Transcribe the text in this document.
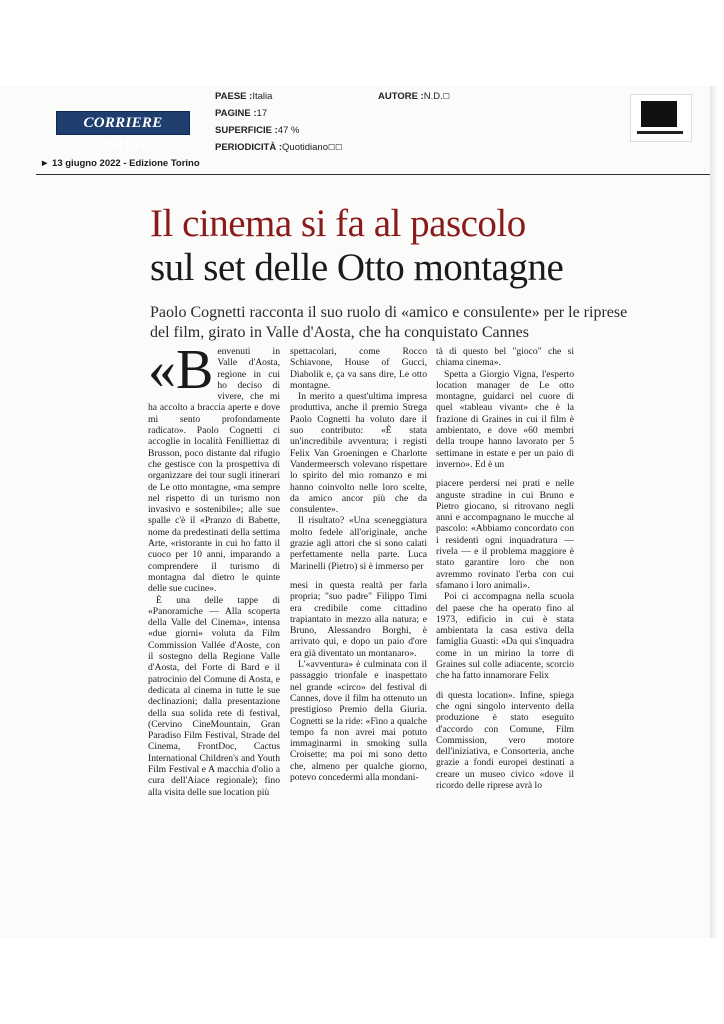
CORRIERE TORINO
PAESE :Italia
PAGINE :17
SUPERFICIE :47 %
PERIODICITÀ :Quotidiano☐☐
AUTORE :N.D.☐
► 13 giugno 2022 - Edizione Torino
Il cinema si fa al pascolo
sul set delle Otto montagne
Paolo Cognetti racconta il suo ruolo di «amico e consulente» per le riprese del film, girato in Valle d'Aosta, che ha conquistato Cannes
«B envenuti in Valle d'Aosta, regione in cui ho deciso di vivere, che mi ha accolto a braccia aperte e dove mi sento profondamente radicato». Paolo Cognetti ci accoglie in località Fenilliettaz di Brusson, poco distante dal rifugio che gestisce con la prospettiva di organizzare dei tour sugli itinerari de Le otto montagne, «ma sempre nel rispetto di un turismo non invasivo e sostenibile»; alle sue spalle c'è il «Pranzo di Babette, nome da predestinati della settima Arte, «ristorante in cui ho fatto il cuoco per 10 anni, imparando a comprendere il turismo di montagna dal dietro le quinte delle sue cucine».

È una delle tappe di «Panoramiche — Alla scoperta della Valle del Cinema», intensa «due giorni» voluta da Film Commission Vallée d'Aoste, con il sostegno della Regione Valle d'Aosta, del Forte di Bard e il patrocinio del Comune di Aosta, e dedicata al cinema in tutte le sue declinazioni; dalla presentazione della sua solida rete di festival, (Cervino CineMountain, Gran Paradiso Film Festival, Strade del Cinema, FrontDoc, Cactus International Children's and Youth Film Festival e A macchia d'olio a cura dell'Aiace regionale); fino alla visita delle sue location più

spettacolari, come Rocco Schiavone, House of Gucci, Diabolik e, ça va sans dire, Le otto montagne.

In merito a quest'ultima impresa produttiva, anche il premio Strega Paolo Cognetti ha voluto dare il suo contributo: «È stata un'incredibile avventura; i registi Felix Van Groeningen e Charlotte Vandermeersch volevano rispettare lo spirito del mio romanzo e mi hanno coinvolto nelle loro scelte, da amico ancor più che da consulente».

Il risultato? «Una sceneggiatura molto fedele all'originale, anche grazie agli attori che si sono calati perfettamente nella parte. Luca Marinelli (Pietro) si è immerso per

mesi in questa realtà per farla propria; "suo padre" Filippo Timi era credibile come cittadino trapiantato in mezzo alla natura; e Bruno, Alessandro Borghi, è arrivato qui, e dopo un paio d'ore era già diventato un montanaro».

L'«avventura» è culminata con il passaggio trionfale e inaspettato nel grande «circo» del festival di Cannes, dove il film ha ottenuto un prestigioso Premio della Giuria. Cognetti se la ride: «Fino a qualche tempo fa non avrei mai potuto immaginarmi in smoking sulla Croisette; ma poi mi sono detto che, almeno per qualche giorno, potevo concedermi alla mondani-

tà di questo bel "gioco" che si chiama cinema».

Spetta a Giorgio Vigna, l'esperto location manager de Le otto montagne, guidarci nel cuore di quel «tableau vivant» che è la frazione di Graines in cui il film è ambientato, e dove «60 membri della troupe hanno lavorato per 5 settimane in estate e per un paio di inverno». Ed è un

piacere perdersi nei prati e nelle anguste stradine in cui Bruno e Pietro giocano, si ritrovano negli anni e accompagnano le mucche al pascolo: «Abbiamo concordato con i residenti ogni inquadratura — rivela — e il problema maggiore è stato garantire loro che non avremmo rovinato l'erba con cui sfamano i loro animali».

Poi ci accompagna nella scuola del paese che ha operato fino al 1973, edificio in cui è stata ambientata la casa estiva della famiglia Guasti: «Da qui s'inquadra come in un mirino la torre di Graines sul colle adiacente, scorcio che ha fatto innamorare Felix

di questa location». Infine, spiega che ogni singolo intervento della produzione è stato eseguito d'accordo con Comune, Film Commission, vero motore dell'iniziativa, e Consorteria, anche grazie a fondi europei destinati a creare un museo civico «dove il ricordo delle riprese avrà lo
